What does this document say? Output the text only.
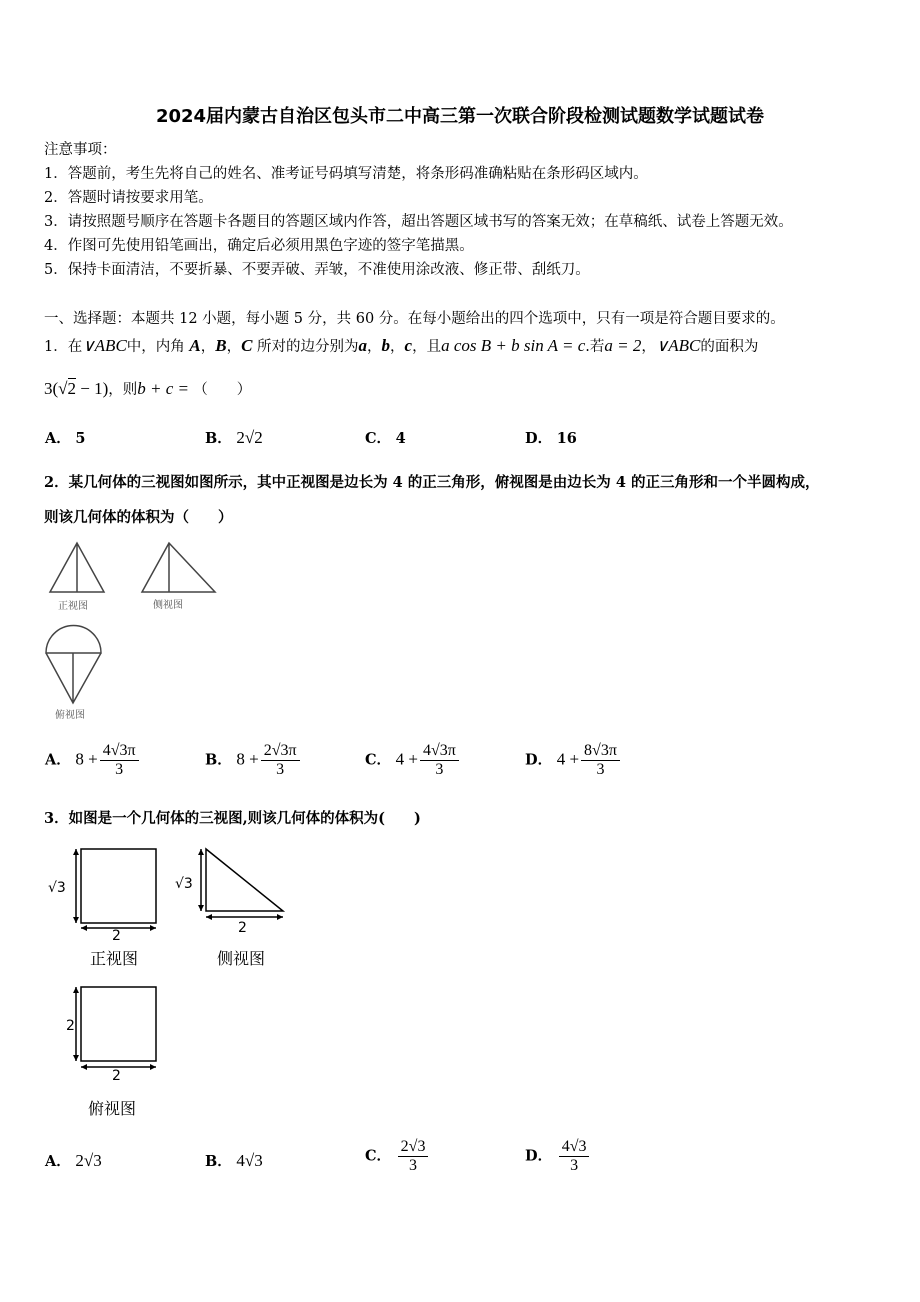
2024届内蒙古自治区包头市二中高三第一次联合阶段检测试题数学试题试卷
注意事项：
1．答题前，考生先将自己的姓名、准考证号码填写清楚，将条形码准确粘贴在条形码区域内。
2．答题时请按要求用笔。
3．请按照题号顺序在答题卡各题目的答题区域内作答，超出答题区域书写的答案无效；在草稿纸、试卷上答题无效。
4．作图可先使用铅笔画出，确定后必须用黑色字迹的签字笔描黑。
5．保持卡面清洁，不要折暴、不要弄破、弄皱，不准使用涂改液、修正带、刮纸刀。
一、选择题：本题共 12 小题，每小题 5 分，共 60 分。在每小题给出的四个选项中，只有一项是符合题目要求的。
1．在∨ABC中，内角 A，B，C 所对的边分别为a，b，c，且a cos B + b sin A = c.若a = 2，∨ABC的面积为
3(√2 − 1)，则b + c = （　　）
A． 5	B． 2√2	C． 4	D． 16
2．某几何体的三视图如图所示，其中正视图是边长为 4 的正三角形，俯视图是由边长为 4 的正三角形和一个半圆构成，
则该几何体的体积为（　　）
正视图	侧视图
俯视图
A． $8 + \frac{4√3\pi}{3}$	B． $8 + \frac{2√3\pi}{3}$	C． $4 + \frac{4√3\pi}{3}$	D． $4 + \frac{8√3\pi}{3}$
3．如图是一个几何体的三视图,则该几何体的体积为(　　)
√3
2
√3
2
2
2
正视图	侧视图
俯视图
A． 2√3	B． 4√3	C． $\frac{2√3}{3}$	D． $\frac{4√3}{3}$
